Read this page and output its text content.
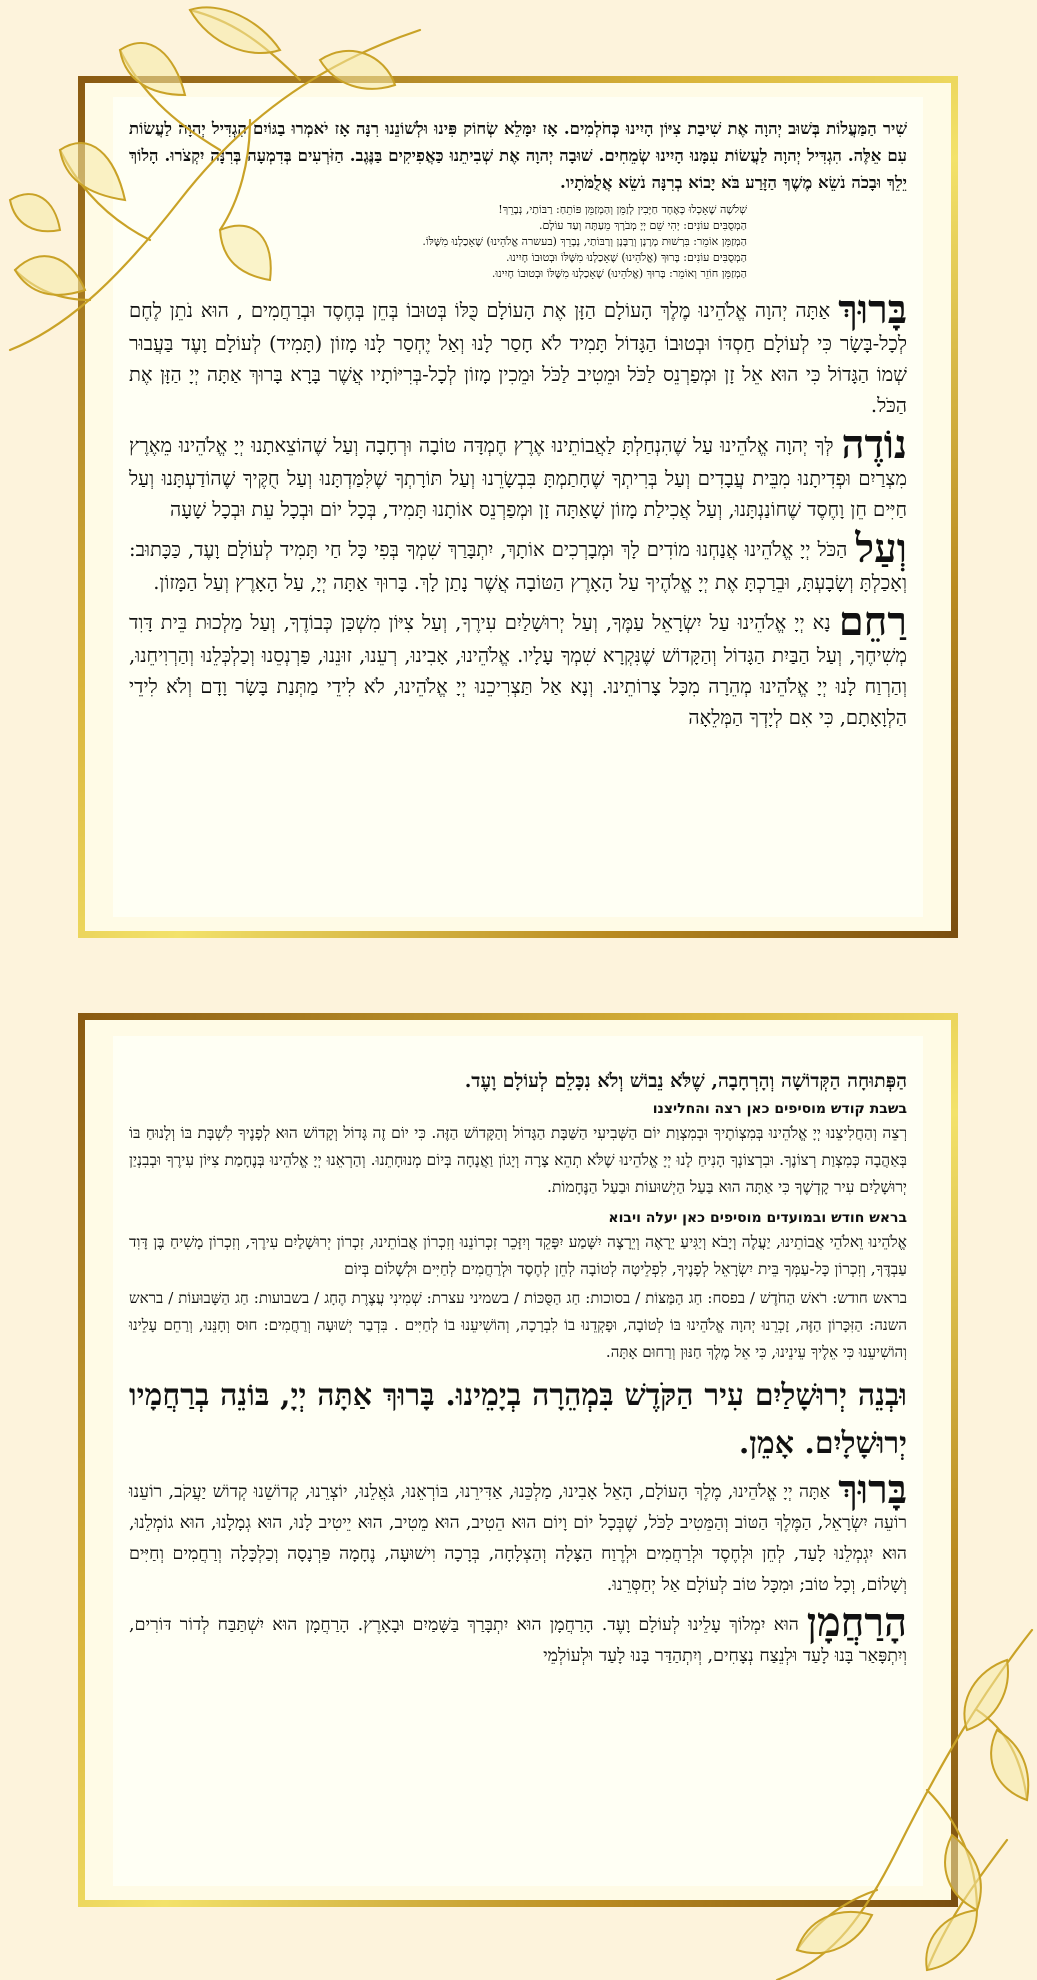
שִׁיר הַמַּעֲלוֹת בְּשׁוּב יְהוָה אֶת שִׁיבַת צִיּוֹן הָיִינוּ כְּחֹלְמִים. אָז יִמָּלֵא שְׂחוֹק פִּינוּ וּלְשׁוֹנֵנוּ רִנָּה אָז יֹאמְרוּ בַגּוֹיִם הִגְדִּיל יְהוָה לַעֲשׂוֹת עִם אֵלֶּה. הִגְדִּיל יְהוָה לַעֲשׂוֹת עִמָּנוּ הָיִינוּ שְׂמֵחִים. שׁוּבָה יְהוָה אֶת שְׁבִיתֵנוּ כַּאֲפִיקִים בַּנֶּגֶב. הַזֹּרְעִים בְּדִמְעָה בְּרִנָּה יִקְצֹרוּ. הָלוֹךְ יֵלֵךְ וּבָכֹה נֹשֵׂא מֶשֶׁךְ הַזָּרַע בֹּא יָבוֹא בְרִנָּה נֹשֵׂא אֲלֻמֹּתָיו.

שְׁלֹשָׁה שֶׁאָכְלוּ כְּאֶחָד חַיָּבִין לְזַמֵּן וְהַמְזַמֵּן פּוֹתֵחַ: רַבּוֹתַי, נְבָרֵךְ!

הַמְסֻבִּים עוֹנִים: יְהִי שֵׁם יְיָ מְבֹרָךְ מֵעַתָּה וְעַד עוֹלָם.

הַמְזַמֵּן אוֹמֵר: בִּרְשׁוּת מָרָנָן וְרַבָּנָן וְרַבּוֹתַי, נְבָרֵךְ (בעשרה אֱלֹהֵינוּ) שֶׁאָכַלְנוּ מִשֶּׁלּוֹ.

הַמְסֻבִּים עוֹנִים: בָּרוּךְ (אֱלֹהֵינוּ) שֶׁאָכַלְנוּ מִשֶּׁלּוֹ וּבְטוּבוֹ חָיִינוּ.

הַמְזַמֵּן חוֹזֵר וְאוֹמֵר: בָּרוּךְ (אֱלֹהֵינוּ) שֶׁאָכַלְנוּ מִשֶּׁלּוֹ וּבְטוּבוֹ חָיִינוּ.

בָּרוּךְאַתָּה יְהוָה אֱלֹהֵינוּ מֶלֶךְ הָעוֹלָם הַזָּן אֶת הָעוֹלָם כֻּלּוֹ בְּטוּבוֹ בְּחֵן בְּחֶסֶד וּבְרַחֲמִים , הוּא נֹתֵן לֶחֶם לְכָל-בָּשָׂר כִּי לְעוֹלָם חַסְדּוֹ וּבְטוּבוֹ הַגָּדוֹל תָּמִיד לֹא חָסַר לָנוּ וְאַל יֶחְסַר לָנוּ מָזוֹן (תָּמִיד) לְעוֹלָם וָעֶד בַּעֲבוּר שְׁמוֹ הַגָּדוֹל כִּי הוּא אֵל זָן וּמְפַרְנֵס לַכֹּל וּמֵטִיב לַכֹּל וּמֵכִין מָזוֹן לְכָל-בְּרִיּוֹתָיו אֲשֶׁר בָּרָא בָּרוּךְ אַתָּה יְיָ הַזָּן אֶת הַכֹּל.

נוֹדֶהלְּךָ יְהוָה אֱלֹהֵינוּ עַל שֶׁהִנְחַלְתָּ לַאֲבוֹתֵינוּ אֶרֶץ חֶמְדָּה טוֹבָה וּרְחָבָה וְעַל שֶׁהוֹצֵאתָנוּ יְיָ אֱלֹהֵינוּ מֵאֶרֶץ מִצְרַיִם וּפְדִיתָנוּ מִבֵּית עֲבָדִים וְעַל בְּרִיתְךָ שֶׁחָתַמְתָּ בִּבְשָׂרֵנוּ וְעַל תּוֹרָתְךָ שֶׁלִּמַּדְתָּנוּ וְעַל חֻקֶּיךָ שֶׁהוֹדַעְתָּנוּ וְעַל חַיִּים חֵן וָחֶסֶד שֶׁחוֹנַנְתָּנוּ, וְעַל אֲכִילַת מָזוֹן שָׁאַתָּה זָן וּמְפַרְנֵס אוֹתָנוּ תָּמִיד, בְּכָל יוֹם וּבְכָל עֵת וּבְכָל שָׁעָה

וְעַלהַכֹּל יְיָ אֱלֹהֵינוּ אֲנַחְנוּ מוֹדִים לָךְ וּמְבָרְכִים אוֹתָךְ, יִתְבָּרַךְ שִׁמְךָ בְּפִי כָּל חַי תָּמִיד לְעוֹלָם וָעֶד, כַּכָּתוּב: וְאָכַלְתָּ וְשָׂבָעְתָּ, וּבֵרַכְתָּ אֶת יְיָ אֱלֹהֶיךָ עַל הָאָרֶץ הַטּוֹבָה אֲשֶׁר נָתַן לָךְ. בָּרוּךְ אַתָּה יְיָ, עַל הָאָרֶץ וְעַל הַמָּזוֹן.

רַחֵםנָא יְיָ אֱלֹהֵינוּ עַל יִשְׂרָאֵל עַמֶּךָ, וְעַל יְרוּשָׁלַיִם עִירֶךָ, וְעַל צִיּוֹן מִשְׁכַּן כְּבוֹדֶךָ, וְעַל מַלְכוּת בֵּית דָּוִד מְשִׁיחֶךָ, וְעַל הַבַּיִת הַגָּדוֹל וְהַקָּדוֹשׁ שֶׁנִּקְרָא שִׁמְךָ עָלָיו. אֱלֹהֵינוּ, אָבִינוּ, רְעֵנוּ, זוּנֵנוּ, פַּרְנְסֵנוּ וְכַלְכְּלֵנוּ וְהַרְוִיחֵנוּ, וְהַרְוַח לָנוּ יְיָ אֱלֹהֵינוּ מְהֵרָה מִכָּל צָרוֹתֵינוּ. וְנָא אַל תַּצְרִיכֵנוּ יְיָ אֱלֹהֵינוּ, לֹא לִידֵי מַתְּנַת בָּשָׂר וָדָם וְלֹא לִידֵי הַלְוָאָתָם, כִּי אִם לְיָדְךָ הַמְּלֵאָה

הַפְּתוּחָה הַקְּדוֹשָׁה וְהָרְחָבָה, שֶׁלֹּא נֵבוֹשׁ וְלֹא נִכָּלֵם לְעוֹלָם וָעֶד.

בשבת קודש מוסיפים כאן רצה והחליצנו

רְצֵה וְהַחֲלִיצֵנוּ יְיָ אֱלֹהֵינוּ בְּמִצְוֹתֶיךָ וּבְמִצְוַת יוֹם הַשְּׁבִיעִי הַשַּׁבָּת הַגָּדוֹל וְהַקָּדוֹשׁ הַזֶּה. כִּי יוֹם זֶה גָּדוֹל וְקָדוֹשׁ הוּא לְפָנֶיךָ לִשְׁבָּת בּוֹ וְלָנוּחַ בּוֹ בְּאַהֲבָה כְּמִצְוַת רְצוֹנֶךָ. וּבִרְצוֹנְךָ הָנִיחַ לָנוּ יְיָ אֱלֹהֵינוּ שֶׁלֹּא תְהֵא צָרָה וְיָגוֹן וַאֲנָחָה בְּיוֹם מְנוּחָתֵנוּ. וְהַרְאֵנוּ יְיָ אֱלֹהֵינוּ בְּנֶחָמַת צִיּוֹן עִירֶךָ וּבְבִנְיַן יְרוּשָׁלַיִם עִיר קָדְשֶׁךָ כִּי אַתָּה הוּא בַּעַל הַיְשׁוּעוֹת וּבַעַל הַנֶּחָמוֹת.

בראש חודש ובמועדים מוסיפים כאן יעלה ויבוא

אֱלֹהֵינוּ וֵאלֹהֵי אֲבוֹתֵינוּ, יַעֲלֶה וְיָבֹא וְיַגִּיעַ יֵרָאֶה וְיֵרָצֶה יִשָּׁמַע יִפָּקֵד וְיִזָּכֵר זִכְרוֹנֵנוּ וְזִכְרוֹן אֲבוֹתֵינוּ, זִכְרוֹן יְרוּשָׁלַיִם עִירֶךָ, וְזִכְרוֹן מָשִׁיחַ בֶּן דָּוִד עַבְדֶּךָ, וְזִכְרוֹן כָּל-עַמְּךָ בֵּית יִשְׂרָאֵל לְפָנֶיךָ, לִפְלֵיטָה לְטוֹבָה לְחֵן לְחֶסֶד וּלְרַחֲמִים לְחַיִּים וּלְשָׁלוֹם בְּיוֹם

בראש חודש: רֹאשׁ הַחֹדֶשׁ / בפסח: חַג הַמַּצּוֹת / בסוכות: חַג הַסֻּכּוֹת / בשמיני עצרת: שְׁמִינִי עֲצֶרֶת הֶחָג / בשבועות: חַג הַשָּׁבוּעוֹת / בראש השנה: הַזִּכָּרוֹן הַזֶּה, זָכְרֵנוּ יְהוָה אֱלֹהֵינוּ בּוֹ לְטוֹבָה, וּפָקְדֵנוּ בוֹ לִבְרָכָה, וְהוֹשִׁיעֵנוּ בוֹ לְחַיִּים . בִּדְבַר יְשׁוּעָה וְרַחֲמִים: חוּס וְחָנֵּנוּ, וְרַחֵם עָלֵינוּ וְהוֹשִׁיעֵנוּ כִּי אֵלֶיךָ עֵינֵינוּ, כִּי אֵל מֶלֶךְ חַנּוּן וְרַחוּם אָתָּה.

וּבְנֵה יְרוּשָׁלַיִם עִיר הַקֹּדֶשׁ בִּמְהֵרָה בְיָמֵינוּ. בָּרוּךְ אַתָּה יְיָ, בּוֹנֵה בְרַחֲמָיו יְרוּשָׁלָיִם. אָמֵן.

בָּרוּךְאַתָּה יְיָ אֱלֹהֵינוּ, מֶלֶךְ הָעוֹלָם, הָאֵל אָבִינוּ, מַלְכֵּנוּ, אַדִּירֵנוּ, בּוֹרְאֵנוּ, גֹּאֲלֵנוּ, יוֹצְרֵנוּ, קְדוֹשֵׁנוּ קְדוֹשׁ יַעֲקֹב, רוֹעֵנוּ רוֹעֵה יִשְׂרָאֵל, הַמֶּלֶךְ הַטּוֹב וְהַמֵּטִיב לַכֹּל, שֶׁבְּכָל יוֹם וָיוֹם הוּא הֵטִיב, הוּא מֵטִיב, הוּא יֵיטִיב לָנוּ, הוּא גְמָלָנוּ, הוּא גוֹמְלֵנוּ, הוּא יִגְמְלֵנוּ לָעַד, לְחֵן וּלְחֶסֶד וּלְרַחֲמִים וּלְרֶוַח הַצָּלָה וְהַצְלָחָה, בְּרָכָה וִישׁוּעָה, נֶחָמָה פַּרְנָסָה וְכַלְכָּלָה וְרַחֲמִים וְחַיִּים וְשָׁלוֹם, וְכָל טוֹב; וּמִכָּל טוֹב לְעוֹלָם אַל יְחַסְּרֵנוּ.

הָרַחֲמָןהוּא יִמְלוֹךְ עָלֵינוּ לְעוֹלָם וָעֶד. הָרַחֲמָן הוּא יִתְבָּרַךְ בַּשָּׁמַיִם וּבָאָרֶץ. הָרַחֲמָן הוּא יִשְׁתַּבַּח לְדוֹר דּוֹרִים, וְיִתְפָּאַר בָּנוּ לָעַד וּלְנֵצַח נְצָחִים, וְיִתְהַדַּר בָּנוּ לָעַד וּלְעוֹלְמֵי
